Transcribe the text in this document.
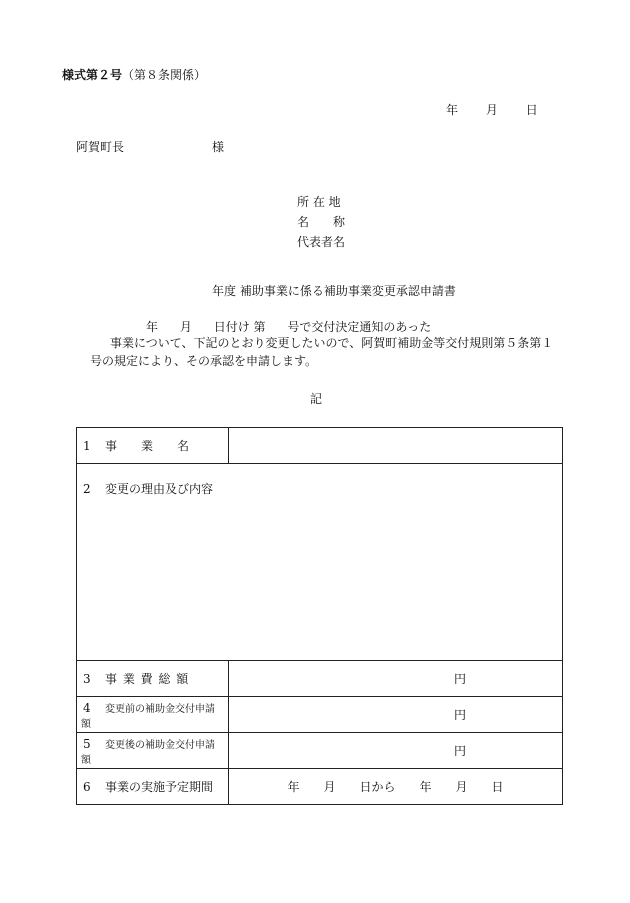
様式第２号（第８条関係）
年 月 日
阿賀町長	様
所 在 地
名　　称
代表者名
年度 補助事業に係る補助事業変更承認申請書
年 月 日付け 第 号で交付決定通知のあった
事業について、下記のとおり変更したいので、阿賀町補助金等交付規則第５条第１
号の規定により、その承認を申請します。
記
1 事　　業　　名	
2 変更の理由及び内容	
3 事 業 費 総 額	円
4 変更前の補助金交付申請額	円
5 変更後の補助金交付申請額	円
6 事業の実施予定期間	年 月 日から 年 月 日
